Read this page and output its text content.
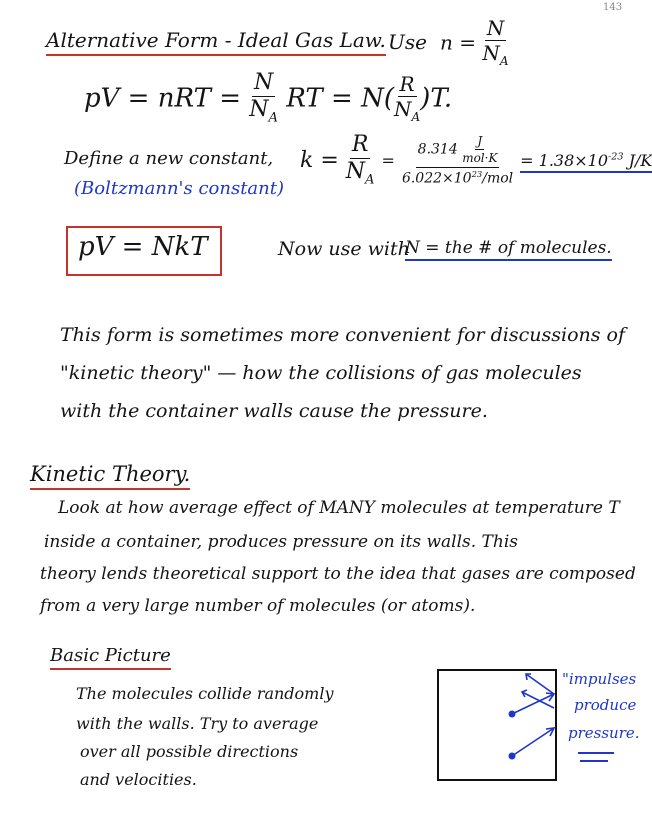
143
Alternative Form - Ideal Gas Law. Use $n = \frac{N}{N_A}$
pV = nRT = $\frac{N}{N_A}$ RT = $N( \frac{R}{N_A} )T$.
Define a new constant,
(Boltzmann's constant)
$k = \frac{R}{N_A} = \frac{8.314 \frac{J}{\text{mol·K}}}{6.022\times 10^{23}/mol} = 1.38\times 10^{-23}$ J/K
pV = NkT	Now use with
N = the # of molecules.
This form is sometimes more convenient for discussions of
"kinetic theory" — how the collisions of gas molecules
with the container walls cause the pressure.
Kinetic Theory.
Look at how average effect of MANY molecules at temperature T
inside a container, produces pressure on its walls. This
theory lends theoretical support to the idea that gases are composed
from a very large number of molecules (or atoms).
Basic Picture
The molecules collide randomly
with the walls. Try to average
over all possible directions
and velocities.
"impulses
produce
pressure.
